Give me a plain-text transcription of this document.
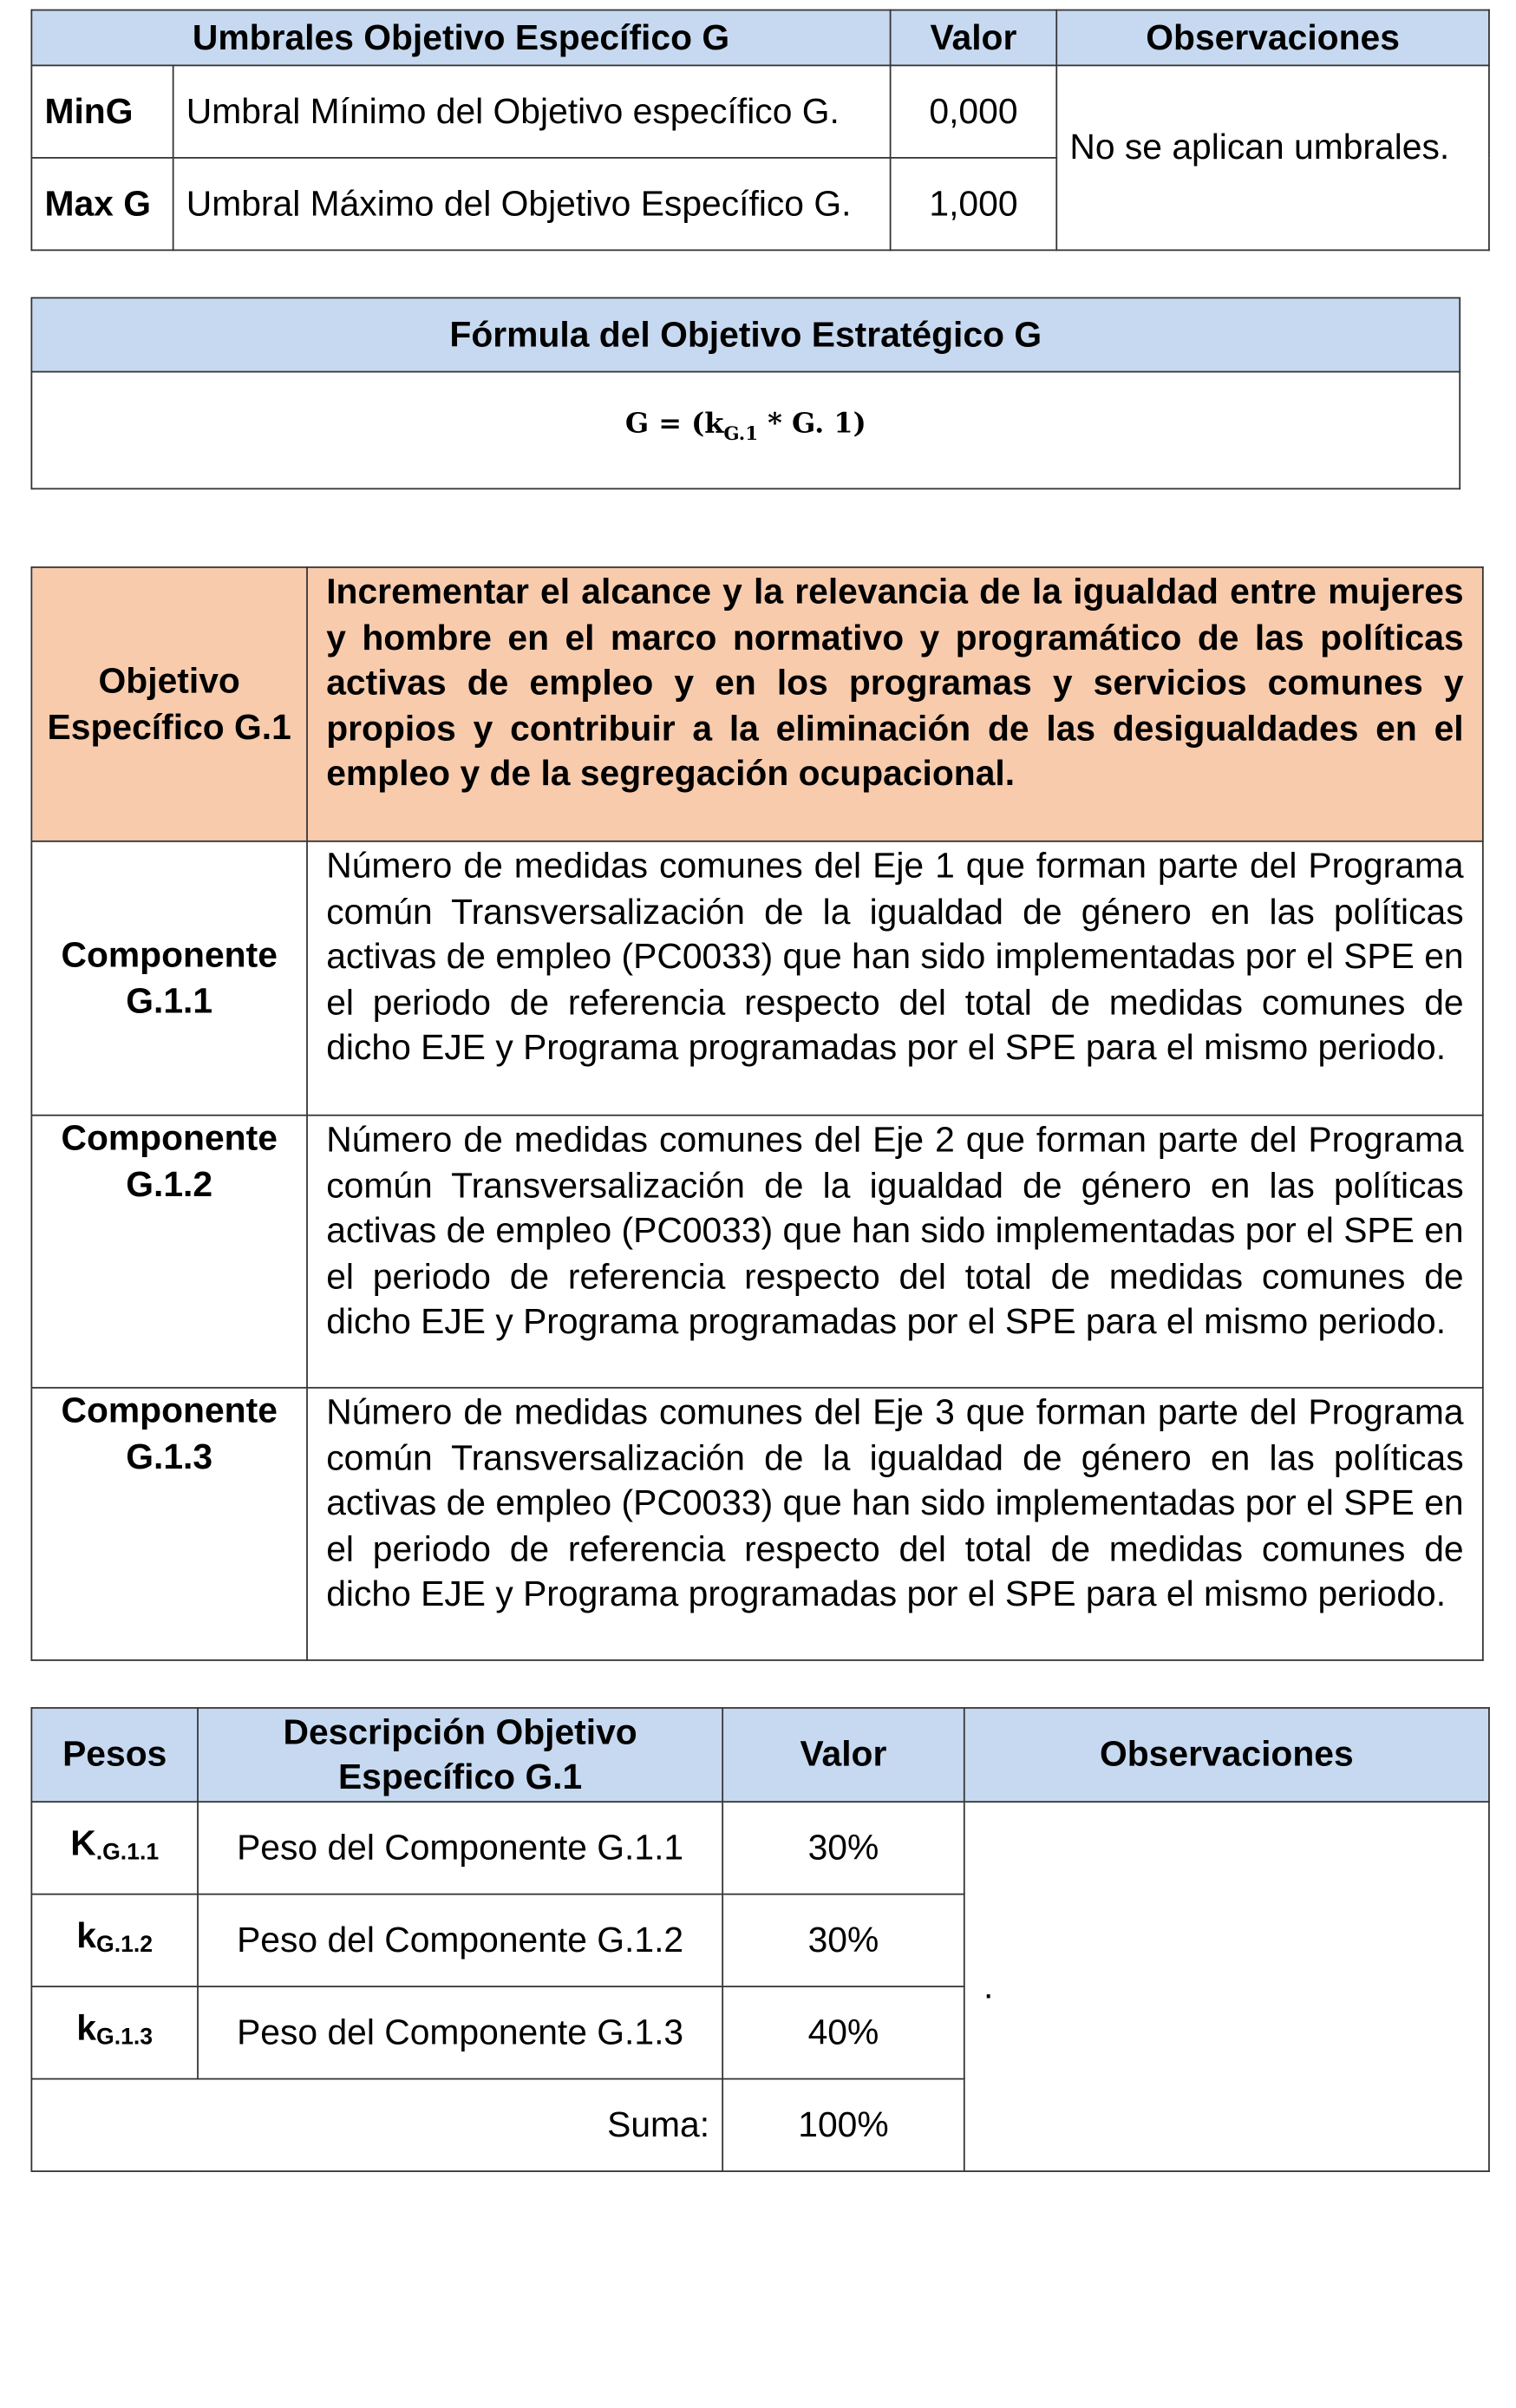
Umbrales Objetivo Específico G		Valor	Observaciones
MinG	Umbral Mínimo del Objetivo específico G.	0,000	No se aplican umbrales.
Max G	Umbral Máximo del Objetivo Específico G.	1,000	
Fórmula del Objetivo Estratégico G
$G = (k_{G.1} * G$. 1)
Objetivo Específico G.1	Incrementar el alcance y la relevancia de la igualdad entre mujeres y hombre en el marco normativo y programático de las políticas activas de empleo y en los programas y servicios comunes y propios y contribuir a la eliminación de las desigualdades en el empleo y de la segregación ocupacional.
Componente G.1.1	Número de medidas comunes del Eje 1 que forman parte del Programa común Transversalización de la igualdad de género en las políticas activas de empleo (PC0033) que han sido implementadas por el SPE en el periodo de referencia respecto del total de medidas comunes de dicho EJE y Programa programadas por el SPE para el mismo periodo.
Componente G.1.2	Número de medidas comunes del Eje 2 que forman parte del Programa común Transversalización de la igualdad de género en las políticas activas de empleo (PC0033) que han sido implementadas por el SPE en el periodo de referencia respecto del total de medidas comunes de dicho EJE y Programa programadas por el SPE para el mismo periodo.
Componente G.1.3	Número de medidas comunes del Eje 3 que forman parte del Programa común Transversalización de la igualdad de género en las políticas activas de empleo (PC0033) que han sido implementadas por el SPE en el periodo de referencia respecto del total de medidas comunes de dicho EJE y Programa programadas por el SPE para el mismo periodo.
Pesos	Descripción Objetivo Específico G.1	Valor	Observaciones
$K_{.G.1.1}$	Peso del Componente G.1.1	30%	.
$k_{G.1.2}$	Peso del Componente G.1.2	30%	
$k_{G.1.3}$	Peso del Componente G.1.3	40%	
Suma:		100%	
